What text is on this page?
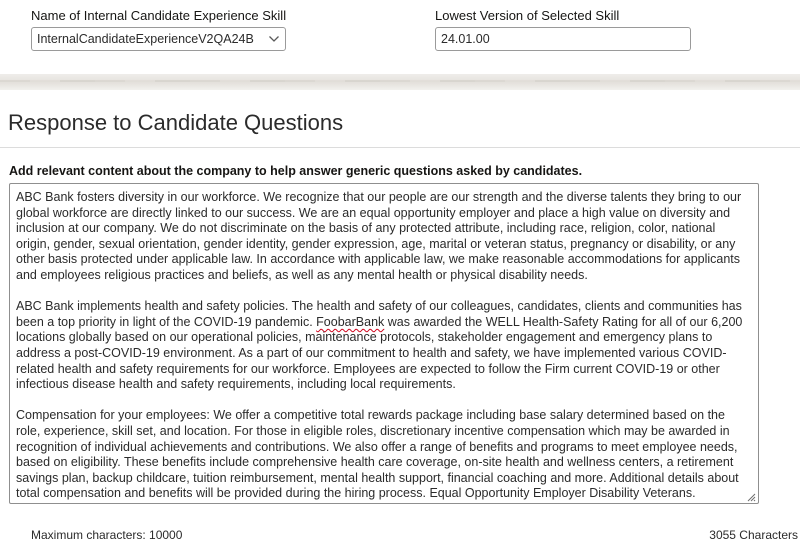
Name of Internal Candidate Experience Skill
InternalCandidateExperienceV2QA24B
Lowest Version of Selected Skill
24.01.00
Response to Candidate Questions
Add relevant content about the company to help answer generic questions asked by candidates.

ABC Bank fosters diversity in our workforce. We recognize that our people are our strength and the diverse talents they bring to our global workforce are directly linked to our success. We are an equal opportunity employer and place a high value on diversity and inclusion at our company. We do not discriminate on the basis of any protected attribute, including race, religion, color, national origin, gender, sexual orientation, gender identity, gender expression, age, marital or veteran status, pregnancy or disability, or any other basis protected under applicable law. In accordance with applicable law, we make reasonable accommodations for applicants and employees religious practices and beliefs, as well as any mental health or physical disability needs.

ABC Bank implements health and safety policies. The health and safety of our colleagues, candidates, clients and communities has been a top priority in light of the COVID-19 pandemic. FoobarBank was awarded the WELL Health-Safety Rating for all of our 6,200 locations globally based on our operational policies, maintenance protocols, stakeholder engagement and emergency plans to address a post-COVID-19 environment. As a part of our commitment to health and safety, we have implemented various COVID-related health and safety requirements for our workforce. Employees are expected to follow the Firm current COVID-19 or other infectious disease health and safety requirements, including local requirements.

Compensation for your employees: We offer a competitive total rewards package including base salary determined based on the role, experience, skill set, and location. For those in eligible roles, discretionary incentive compensation which may be awarded in recognition of individual achievements and contributions. We also offer a range of benefits and programs to meet employee needs, based on eligibility. These benefits include comprehensive health care coverage, on-site health and wellness centers, a retirement savings plan, backup childcare, tuition reimbursement, mental health support, financial coaching and more. Additional details about total compensation and benefits will be provided during the hiring process. Equal Opportunity Employer Disability Veterans.

Maximum characters: 10000	3055 Characters
